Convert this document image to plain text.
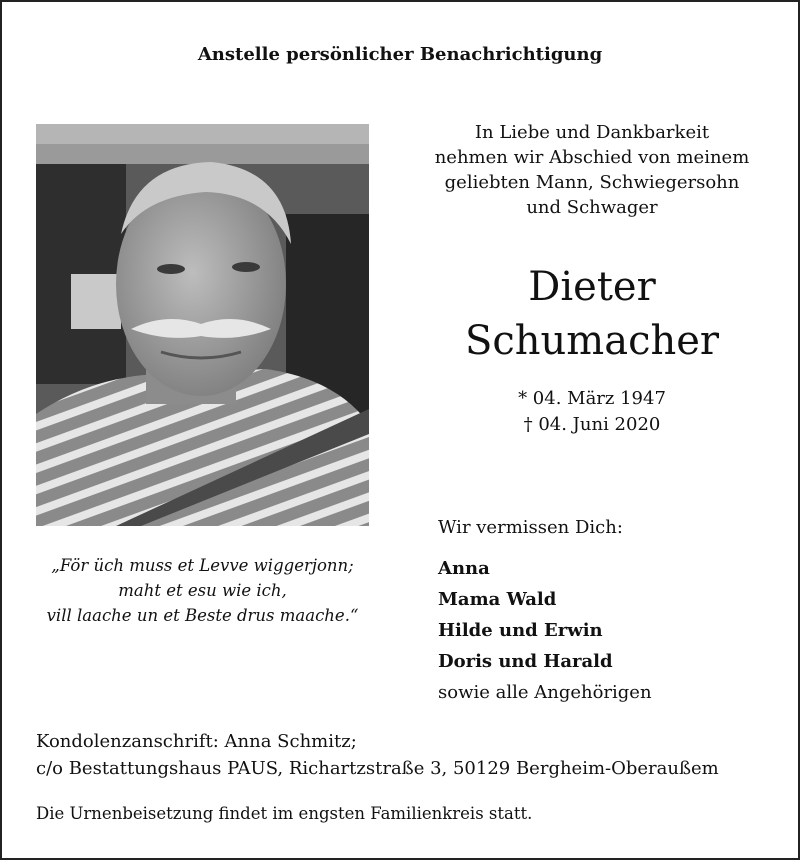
Anstelle persönlicher Benachrichtigung
In Liebe und Dankbarkeit
nehmen wir Abschied von meinem
geliebten Mann, Schwiegersohn
und Schwager
Dieter
Schumacher
* 04. März 1947
† 04. Juni 2020
„För üch muss et Levve wiggerjonn;
maht et esu wie ich,
vill laache un et Beste drus maache.“
Wir vermissen Dich:
Anna
Mama Wald
Hilde und Erwin
Doris und Harald
sowie alle Angehörigen
Kondolenzanschrift: Anna Schmitz;
c/o Bestattungshaus PAUS, Richartzstraße 3, 50129 Bergheim-Oberaußem
Die Urnenbeisetzung findet im engsten Familienkreis statt.
